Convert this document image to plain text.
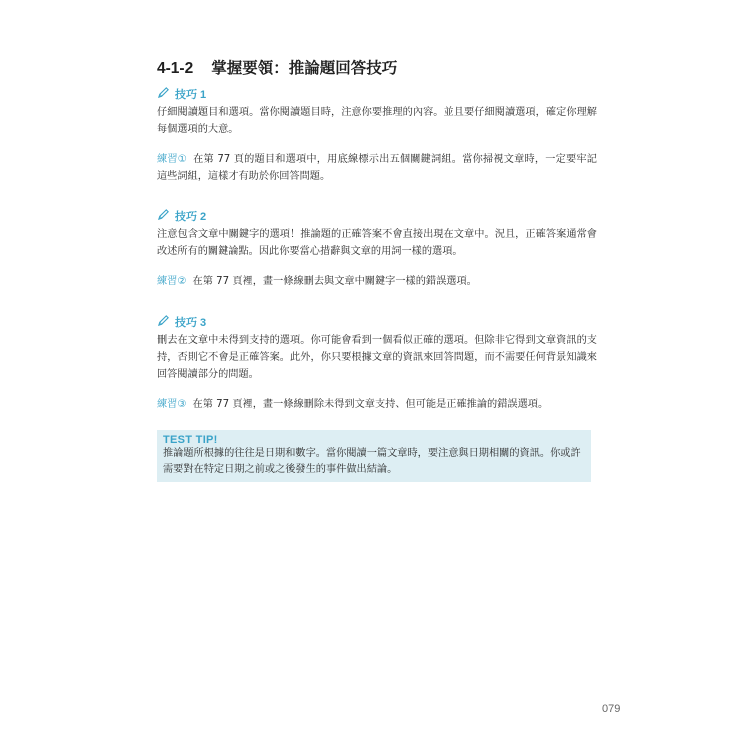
4-1-2 掌握要領：推論題回答技巧
技巧 1
仔細閱讀題目和選項。當你閱讀題目時，注意你要推理的內容。並且要仔細閱讀選項，確定你理解每個選項的大意。
練習① 在第 77 頁的題目和選項中，用底線標示出五個關鍵詞組。當你掃視文章時，一定要牢記這些詞組，這樣才有助於你回答問題。
技巧 2
注意包含文章中關鍵字的選項！推論題的正確答案不會直接出現在文章中。況且，正確答案通常會改述所有的關鍵論點。因此你要當心措辭與文章的用詞一樣的選項。
練習② 在第 77 頁裡，畫一條線刪去與文章中關鍵字一樣的錯誤選項。
技巧 3
刪去在文章中未得到支持的選項。你可能會看到一個看似正確的選項。但除非它得到文章資訊的支持，否則它不會是正確答案。此外，你只要根據文章的資訊來回答問題，而不需要任何背景知識來回答閱讀部分的問題。
練習③ 在第 77 頁裡，畫一條線刪除未得到文章支持、但可能是正確推論的錯誤選項。
TEST TIP!
推論題所根據的往往是日期和數字。當你閱讀一篇文章時，要注意與日期相關的資訊。你或許需要對在特定日期之前或之後發生的事件做出結論。
079
